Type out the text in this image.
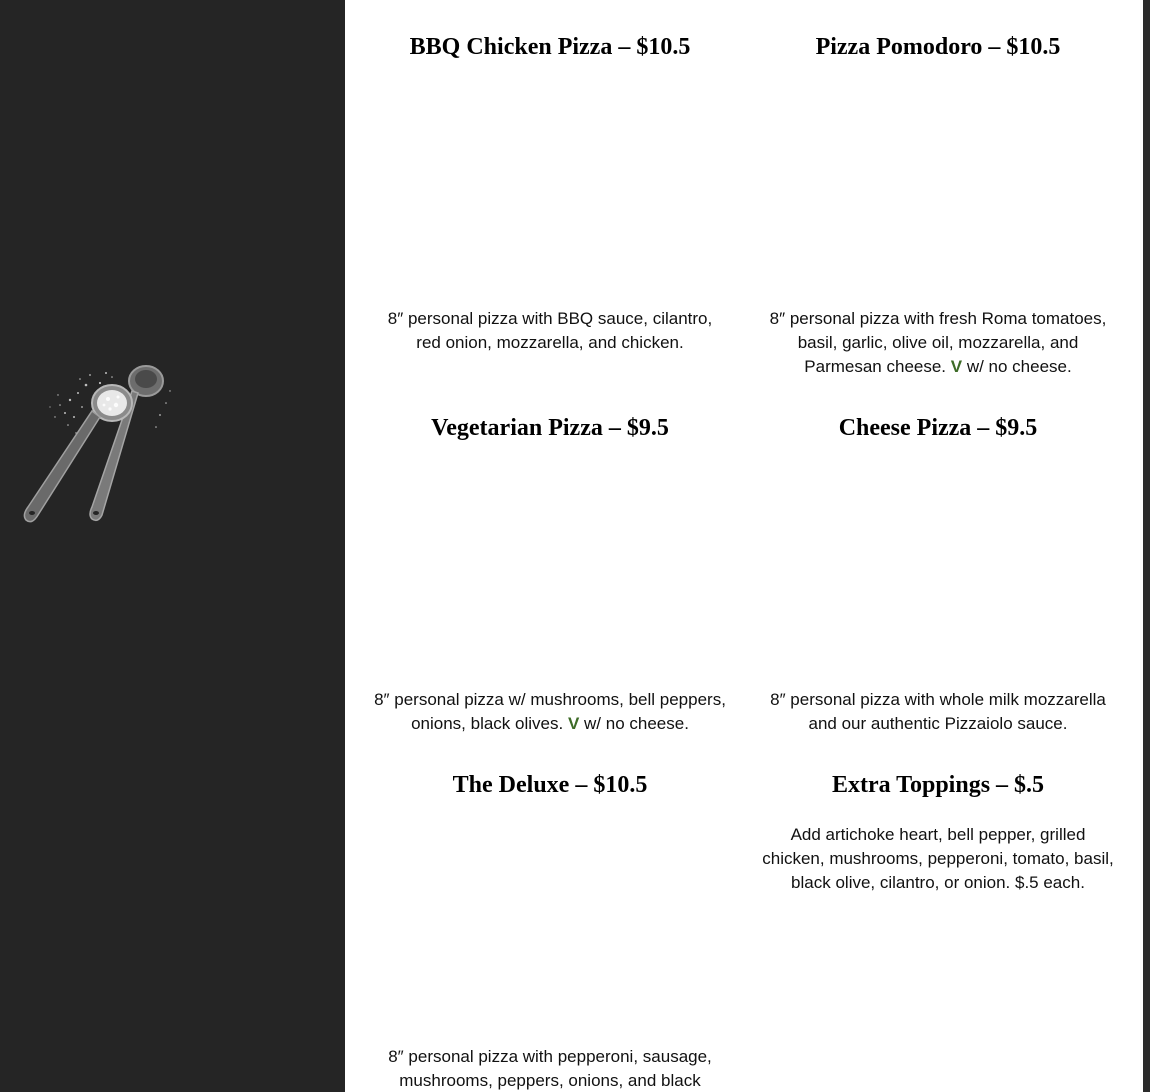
BBQ Chicken Pizza – $10.5

8″ personal pizza with BBQ sauce, cilantro,
red onion, mozzarella, and chicken.

Pizza Pomodoro – $10.5

8″ personal pizza with fresh Roma tomatoes,
basil, garlic, olive oil, mozzarella, and
Parmesan cheese. V w/ no cheese.

Vegetarian Pizza – $9.5

8″ personal pizza w/ mushrooms, bell peppers,
onions, black olives. V w/ no cheese.

Cheese Pizza – $9.5

8″ personal pizza with whole milk mozzarella
and our authentic Pizzaiolo sauce.

The Deluxe – $10.5

8″ personal pizza with pepperoni, sausage,
mushrooms, peppers, onions, and black

Extra Toppings – $.5

Add artichoke heart, bell pepper, grilled
chicken, mushrooms, pepperoni, tomato, basil,
black olive, cilantro, or onion. $.5 each.
